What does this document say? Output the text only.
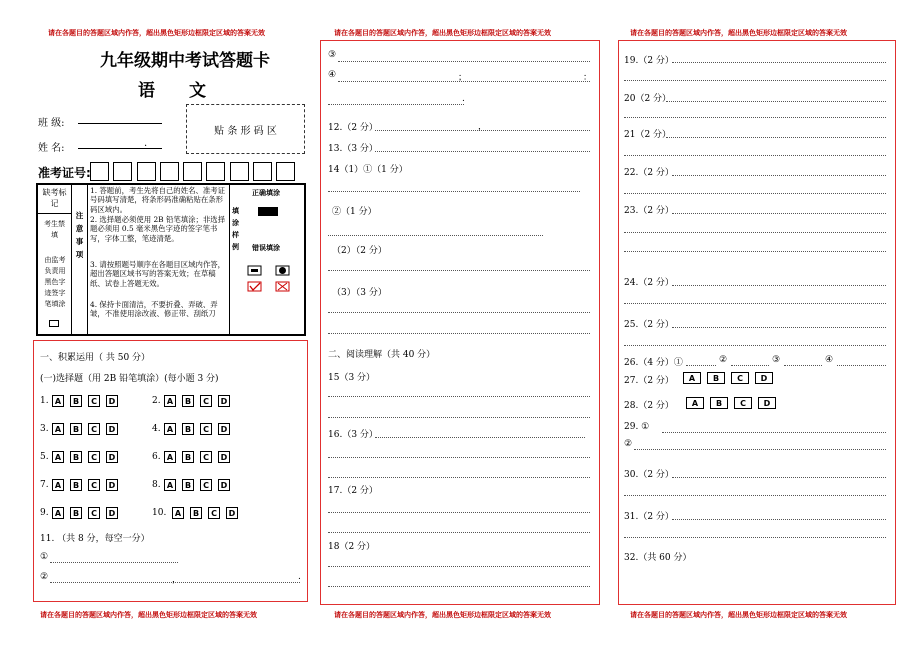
请在各题目的答题区域内作答，超出黑色矩形边框限定区域的答案无效	请在各题目的答题区域内作答，超出黑色矩形边框限定区域的答案无效	请在各题目的答题区域内作答，超出黑色矩形边框限定区域的答案无效
请在各题目的答题区域内作答，超出黑色矩形边框限定区域的答案无效	请在各题目的答题区域内作答，超出黑色矩形边框限定区域的答案无效	请在各题目的答题区域内作答，超出黑色矩形边框限定区域的答案无效
九年级期中考试答题卡
语　　文
班 级:
姓 名:	.
贴 条 形 码 区
准考证号:
缺考标记
考生禁填
由监考负责用黑色字迹签字笔填涂
注意事项
1. 答题前，考生先将自己的姓名、准考证号码填写清楚，将条形码准确粘贴在条形码区域内。
2. 选择题必须使用 2B 铅笔填涂；非选择题必须用 0.5 毫米黑色字迹的签字笔书写，字体工整，笔迹清楚。
3. 请按照题号顺序在各题目区域内作答，超出答题区域书写的答案无效；在草稿纸、试卷上答题无效。
4. 保持卡面清洁，不要折叠、弄破、弄皱，不准使用涂改液、修正带、刮纸刀
填涂样例
正确填涂
错误填涂
一、积累运用（ 共 50 分）
(一)选择题（用 2B 铅笔填涂）(每小题 3 分)
1. A	B	C	D	2. A	B	C	D
3. A	B	C	D	4. A	B	C	D
5. A	B	C	D	6. A	B	C	D
7. A	B	C	D	8. A	B	C	D
9. A	B	C	D	10.	A	B	C	D
11. （共 8 分，每空一分）
①
②	，	.
③
④	；	：
.
12.（2 分）	，
13.（3 分）
14（1）①（1 分）
②（1 分）
（2）（2 分）
（3）（3 分）
二、阅读理解（共 40 分）
15（3 分）
16.（3 分）
17.（2 分）
18（2 分）
19.（2 分）
20（2 分）
21（2 分）
22.（2 分）
23.（2 分）
24.（2 分）
25.（2 分）
26.（4 分）①	②	③	④
27.（2 分）	A	B	C	D
28.（2 分）	A	B	C	D
29. ①
②
30.（2 分）
31.（2 分）
32.（共 60 分）
